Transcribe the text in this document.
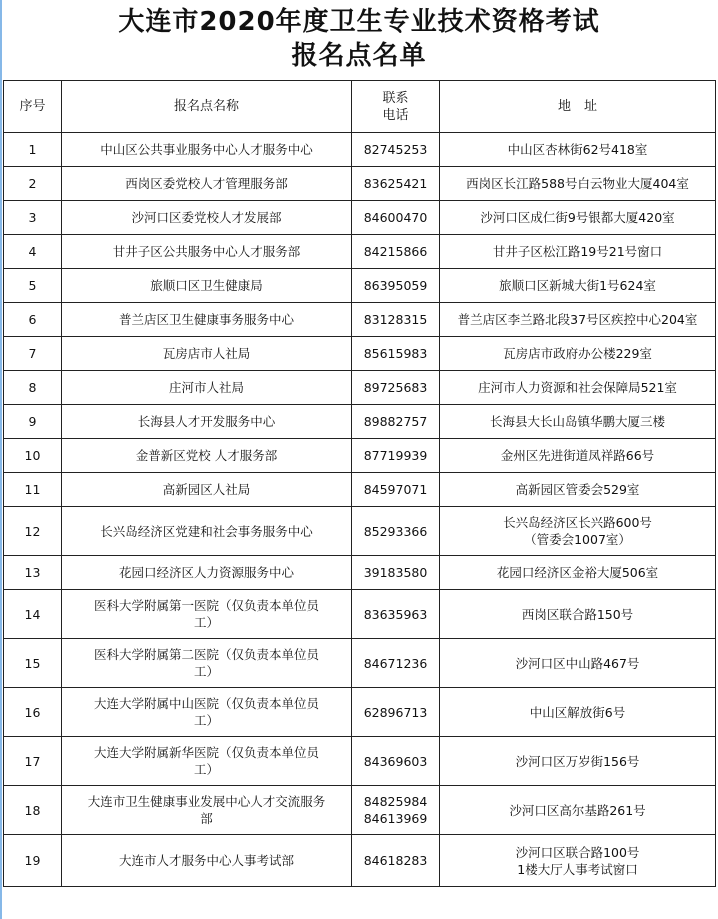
大连市2020年度卫生专业技术资格考试
报名点名单
序号	报名点名称	联系
电话	地　址
1	中山区公共事业服务中心人才服务中心	82745253	中山区杏林街62号418室

2	西岗区委党校人才管理服务部	83625421	西岗区长江路588号白云物业大厦404室

3	沙河口区委党校人才发展部	84600470	沙河口区成仁街9号银都大厦420室

4	甘井子区公共服务中心人才服务部	84215866	甘井子区松江路19号21号窗口

5	旅顺口区卫生健康局	86395059	旅顺口区新城大街1号624室

6	普兰店区卫生健康事务服务中心	83128315	普兰店区李兰路北段37号区疾控中心204室

7	瓦房店市人社局	85615983	瓦房店市政府办公楼229室

8	庄河市人社局	89725683	庄河市人力资源和社会保障局521室

9	长海县人才开发服务中心	89882757	长海县大长山岛镇华鹏大厦三楼

10	金普新区党校 人才服务部	87719939	金州区先进街道凤祥路66号

11	高新园区人社局	84597071	高新园区管委会529室

12	长兴岛经济区党建和社会事务服务中心	85293366	长兴岛经济区长兴路600号
（管委会1007室）

13	花园口经济区人力资源服务中心	39183580	花园口经济区金裕大厦506室

14	医科大学附属第一医院（仅负责本单位员
工）	83635963	西岗区联合路150号

15	医科大学附属第二医院（仅负责本单位员
工）	84671236	沙河口区中山路467号

16	大连大学附属中山医院（仅负责本单位员
工）	62896713	中山区解放街6号

17	大连大学附属新华医院（仅负责本单位员
工）	84369603	沙河口区万岁街156号

18	大连市卫生健康事业发展中心人才交流服务
部	84825984
84613969	沙河口区高尔基路261号

19	大连市人才服务中心人事考试部	84618283	沙河口区联合路100号
1楼大厅人事考试窗口
